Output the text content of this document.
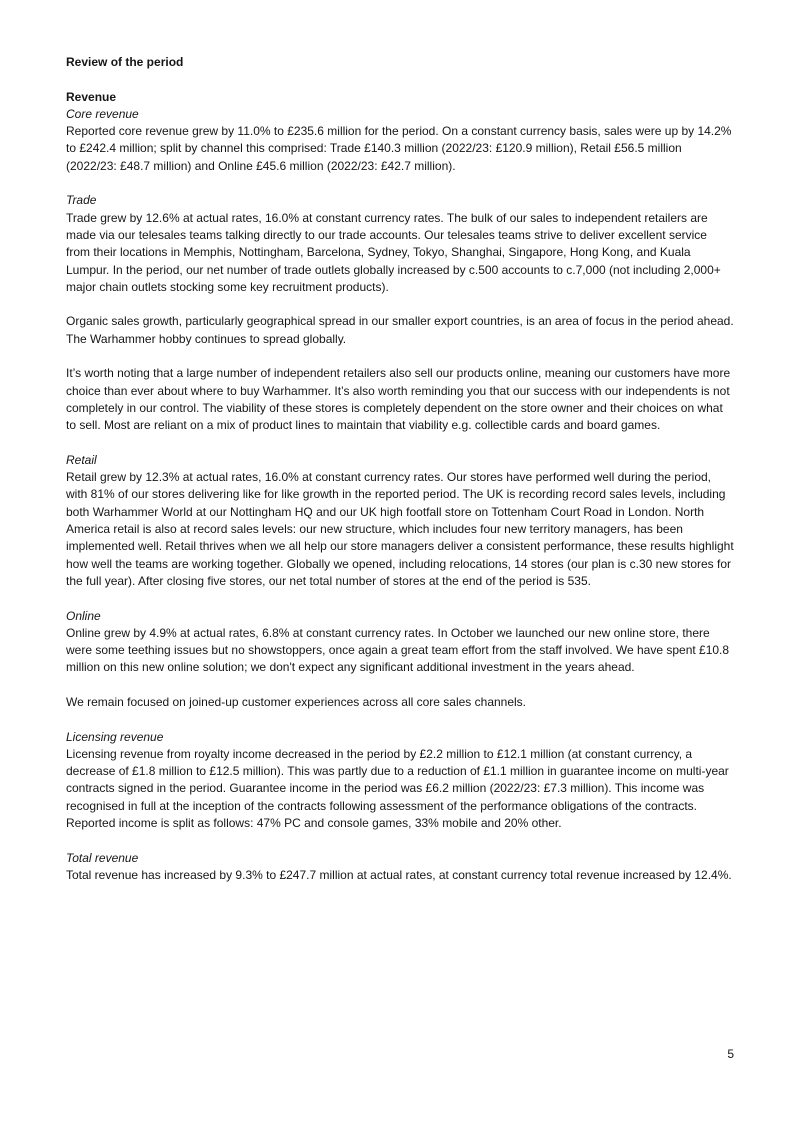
Review of the period

Revenue

Core revenue

Reported core revenue grew by 11.0% to £235.6 million for the period. On a constant currency basis, sales were up by 14.2% to £242.4 million; split by channel this comprised: Trade £140.3 million (2022/23: £120.9 million), Retail £56.5 million (2022/23: £48.7 million) and Online £45.6 million (2022/23: £42.7 million).

Trade

Trade grew by 12.6% at actual rates, 16.0% at constant currency rates. The bulk of our sales to independent retailers are made via our telesales teams talking directly to our trade accounts. Our telesales teams strive to deliver excellent service from their locations in Memphis, Nottingham, Barcelona, Sydney, Tokyo, Shanghai, Singapore, Hong Kong, and Kuala Lumpur. In the period, our net number of trade outlets globally increased by c.500 accounts to c.7,000 (not including 2,000+ major chain outlets stocking some key recruitment products).

Organic sales growth, particularly geographical spread in our smaller export countries, is an area of focus in the period ahead. The Warhammer hobby continues to spread globally.

It’s worth noting that a large number of independent retailers also sell our products online, meaning our customers have more choice than ever about where to buy Warhammer. It’s also worth reminding you that our success with our independents is not completely in our control. The viability of these stores is completely dependent on the store owner and their choices on what to sell. Most are reliant on a mix of product lines to maintain that viability e.g. collectible cards and board games.

Retail

Retail grew by 12.3% at actual rates, 16.0% at constant currency rates. Our stores have performed well during the period, with 81% of our stores delivering like for like growth in the reported period. The UK is recording record sales levels, including both Warhammer World at our Nottingham HQ and our UK high footfall store on Tottenham Court Road in London. North America retail is also at record sales levels: our new structure, which includes four new territory managers, has been implemented well. Retail thrives when we all help our store managers deliver a consistent performance, these results highlight how well the teams are working together. Globally we opened, including relocations, 14 stores (our plan is c.30 new stores for the full year). After closing five stores, our net total number of stores at the end of the period is 535.

Online

Online grew by 4.9% at actual rates, 6.8% at constant currency rates. In October we launched our new online store, there were some teething issues but no showstoppers, once again a great team effort from the staff involved. We have spent £10.8 million on this new online solution; we don't expect any significant additional investment in the years ahead.

We remain focused on joined-up customer experiences across all core sales channels.

Licensing revenue

Licensing revenue from royalty income decreased in the period by £2.2 million to £12.1 million (at constant currency, a decrease of £1.8 million to £12.5 million). This was partly due to a reduction of £1.1 million in guarantee income on multi-year contracts signed in the period. Guarantee income in the period was £6.2 million (2022/23: £7.3 million). This income was recognised in full at the inception of the contracts following assessment of the performance obligations of the contracts. Reported income is split as follows: 47% PC and console games, 33% mobile and 20% other.

Total revenue

Total revenue has increased by 9.3% to £247.7 million at actual rates, at constant currency total revenue increased by 12.4%.

5
